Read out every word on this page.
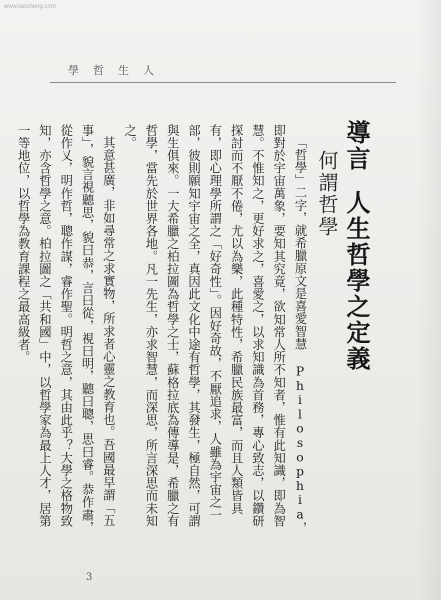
www.laosheng.com
學 哲 生 人
導言人生哲學之定義
何謂哲學

「哲學」二字，就希臘原文是喜愛智慧 Philosophia，即對於宇宙萬象，要知其究竟，欲知常人所不知者，惟有此知識，即為智慧。不惟知之，更好求之，喜愛之，以求知識為首務，專心致志，以鑽研探討而不厭不倦，尤以為樂，此種特性，希臘民族最富，而且人類皆具有，即心理學所謂之「好奇性」。因好奇故，不厭追求，人雖為宇宙之一部，彼則願知宇宙之全，真因此文化中途有哲學，其發生，極自然，可謂與生俱來。一大希臘之柏拉圖為哲學之士，蘇格拉底為傳導是，希臘之有哲學，當先於世界各地。凡一先生，亦求智慧，而深思，所言深思而未知之。

其意甚廣，非如尋常之求實物，所求者心靈之教育也。吾國最早謂「五事」，貌言視聽思，貌曰恭，言曰從，視曰明，聽曰聰，思曰睿。恭作肅，從作乂，明作哲，聰作謀，睿作聖。明哲之意，其由此乎？大學之格物致知，亦含哲學之意。柏拉圖之「共和國」中，以哲學家為最上人才，居第一等地位，以哲學為教育課程之最高級者。

3
